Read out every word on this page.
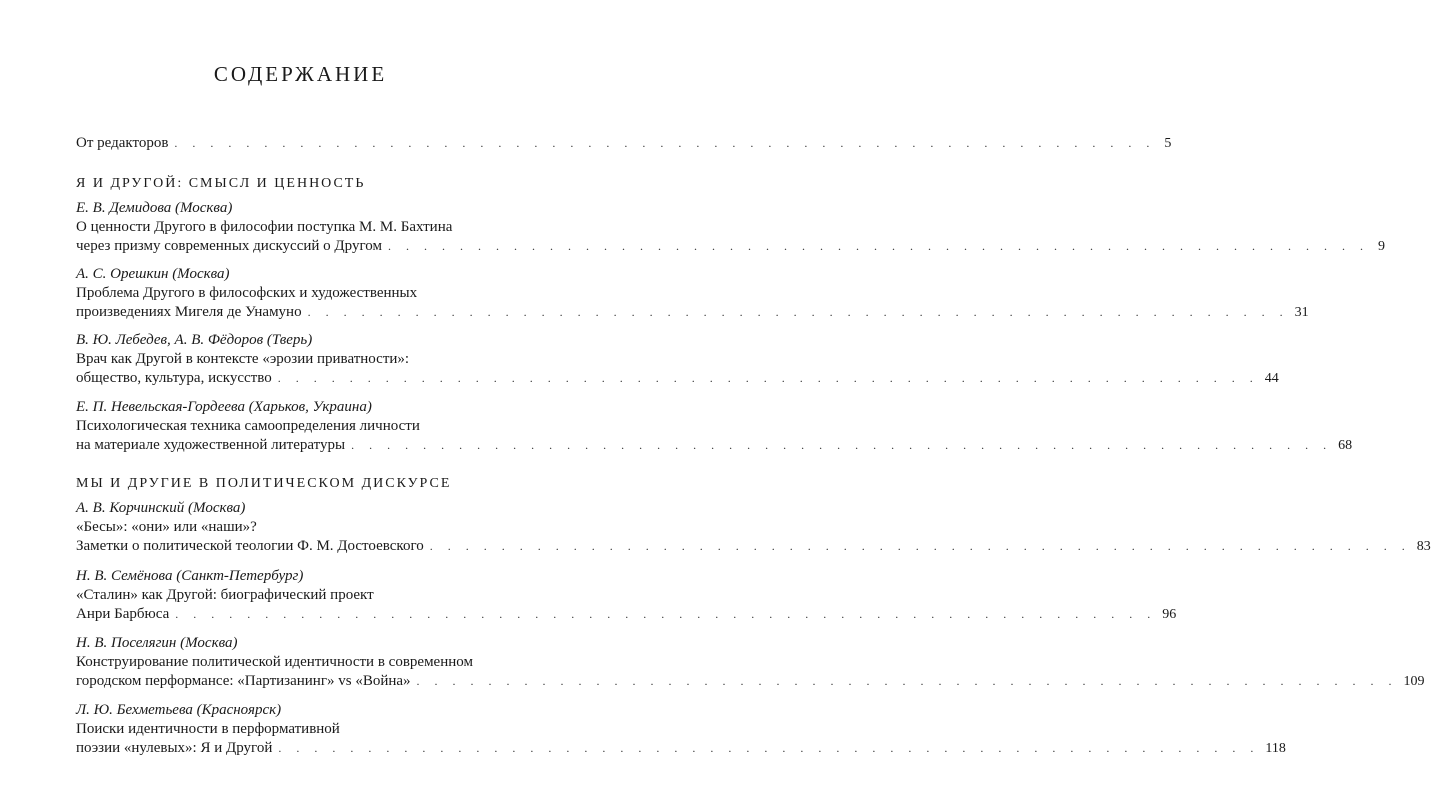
СОДЕРЖАНИЕ
От редакторов . . . . . . . . . . . . . . . . . . . . . . . . . . . . . . . . . . . . . . . . . . . . . . . . . . . . . . . 5
Я И ДРУГОЙ: СМЫСЛ И ЦЕННОСТЬ
Е. В. Демидова (Москва)
О ценности Другого в философии поступка М. М. Бахтина
через призму современных дискуссий о Другом . . . . . . . . . . . . . . . . . . . . . . . . . . . . . . . . . . . . . . . . . . . . . . . . . . . . . . . 9
А. С. Орешкин (Москва)
Проблема Другого в философских и художественных
произведениях Мигеля де Унамуно . . . . . . . . . . . . . . . . . . . . . . . . . . . . . . . . . . . . . . . . . . . . . . . . . . . . . . . 31
В. Ю. Лебедев, А. В. Фёдоров (Тверь)
Врач как Другой в контексте «эрозии приватности»:
общество, культура, искусство . . . . . . . . . . . . . . . . . . . . . . . . . . . . . . . . . . . . . . . . . . . . . . . . . . . . . . . 44
Е. П. Невельская-Гордеева (Харьков, Украина)
Психологическая техника самоопределения личности
на материале художественной литературы . . . . . . . . . . . . . . . . . . . . . . . . . . . . . . . . . . . . . . . . . . . . . . . . . . . . . . . 68
МЫ И ДРУГИЕ В ПОЛИТИЧЕСКОМ ДИСКУРСЕ
А. В. Корчинский (Москва)
«Бесы»: «они» или «наши»?
Заметки о политической теологии Ф. М. Достоевского . . . . . . . . . . . . . . . . . . . . . . . . . . . . . . . . . . . . . . . . . . . . . . . . . . . . . . . 83
Н. В. Семёнова (Санкт-Петербург)
«Сталин» как Другой: биографический проект
Анри Барбюса . . . . . . . . . . . . . . . . . . . . . . . . . . . . . . . . . . . . . . . . . . . . . . . . . . . . . . . 96
Н. В. Поселягин (Москва)
Конструирование политической идентичности в современном
городском перформансе: «Партизанинг» vs «Война» . . . . . . . . . . . . . . . . . . . . . . . . . . . . . . . . . . . . . . . . . . . . . . . . . . . . . . . 109
Л. Ю. Бехметьева (Красноярск)
Поиски идентичности в перформативной
поэзии «нулевых»: Я и Другой . . . . . . . . . . . . . . . . . . . . . . . . . . . . . . . . . . . . . . . . . . . . . . . . . . . . . . . 118
